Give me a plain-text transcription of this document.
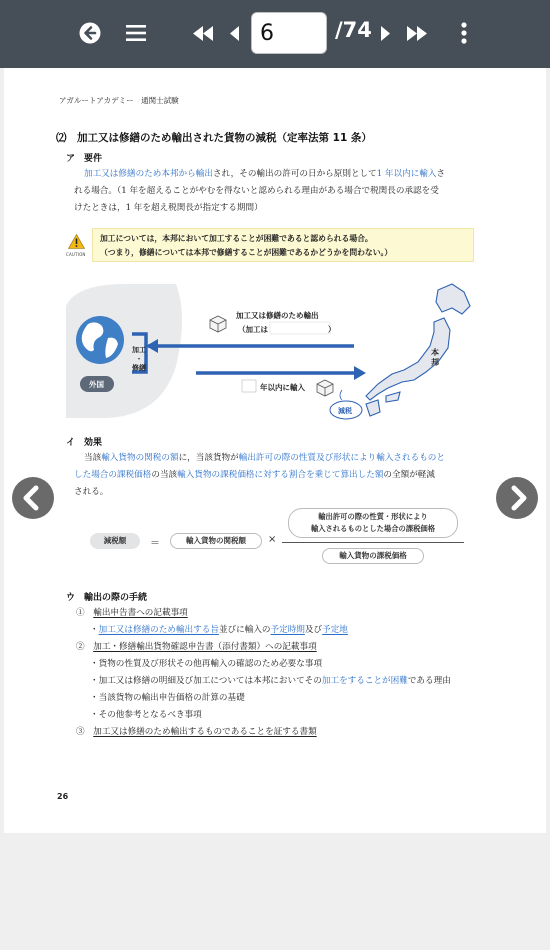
6
/74
アガルートアカデミー　通関士試験
⑵　加工又は修繕のため輸出された貨物の減税（定率法第 11 条）
ア　要件
加工又は修繕のため本邦から輸出され，その輸出の許可の日から原則として1 年以内に輸入さ
れる場合。（1 年を超えることがやむを得ないと認められる理由がある場合で税関長の承認を受
けたときは，1 年を超え税関長が指定する期間）
CAUTION
加工については，本邦において加工することが困難であると認められる場合。
（つまり，修繕については本邦で修繕することが困難であるかどうかを問わない。）
加工又は修繕のため輸出
（加工は　　　　　　　　）
年以内に輸入
加工
・
修繕
外国
本邦
減税
イ　効果
当該輸入貨物の関税の額に，当該貨物が輸出許可の際の性質及び形状により輸入されるものと
した場合の課税価格の当該輸入貨物の課税価格に対する割合を乗じて算出した額の全額が軽減
される。
減税額	＝	輸入貨物の関税額	×
輸出許可の際の性質・形状により
輸入されるものとした場合の課税価格
輸入貨物の課税価格
ウ　輸出の際の手続
①　 輸出申告書への記載事項
・加工又は修繕のため輸出する旨並びに輸入の予定時期及び予定地
②　 加工・修繕輸出貨物確認申告書（添付書類）への記載事項
・貨物の性質及び形状その他再輸入の確認のため必要な事項
・加工又は修繕の明細及び加工については本邦においてその加工をすることが困難である理由
・当該貨物の輸出申告価格の計算の基礎
・その他参考となるべき事項
③　 加工又は修繕のため輸出するものであることを証する書類
26
